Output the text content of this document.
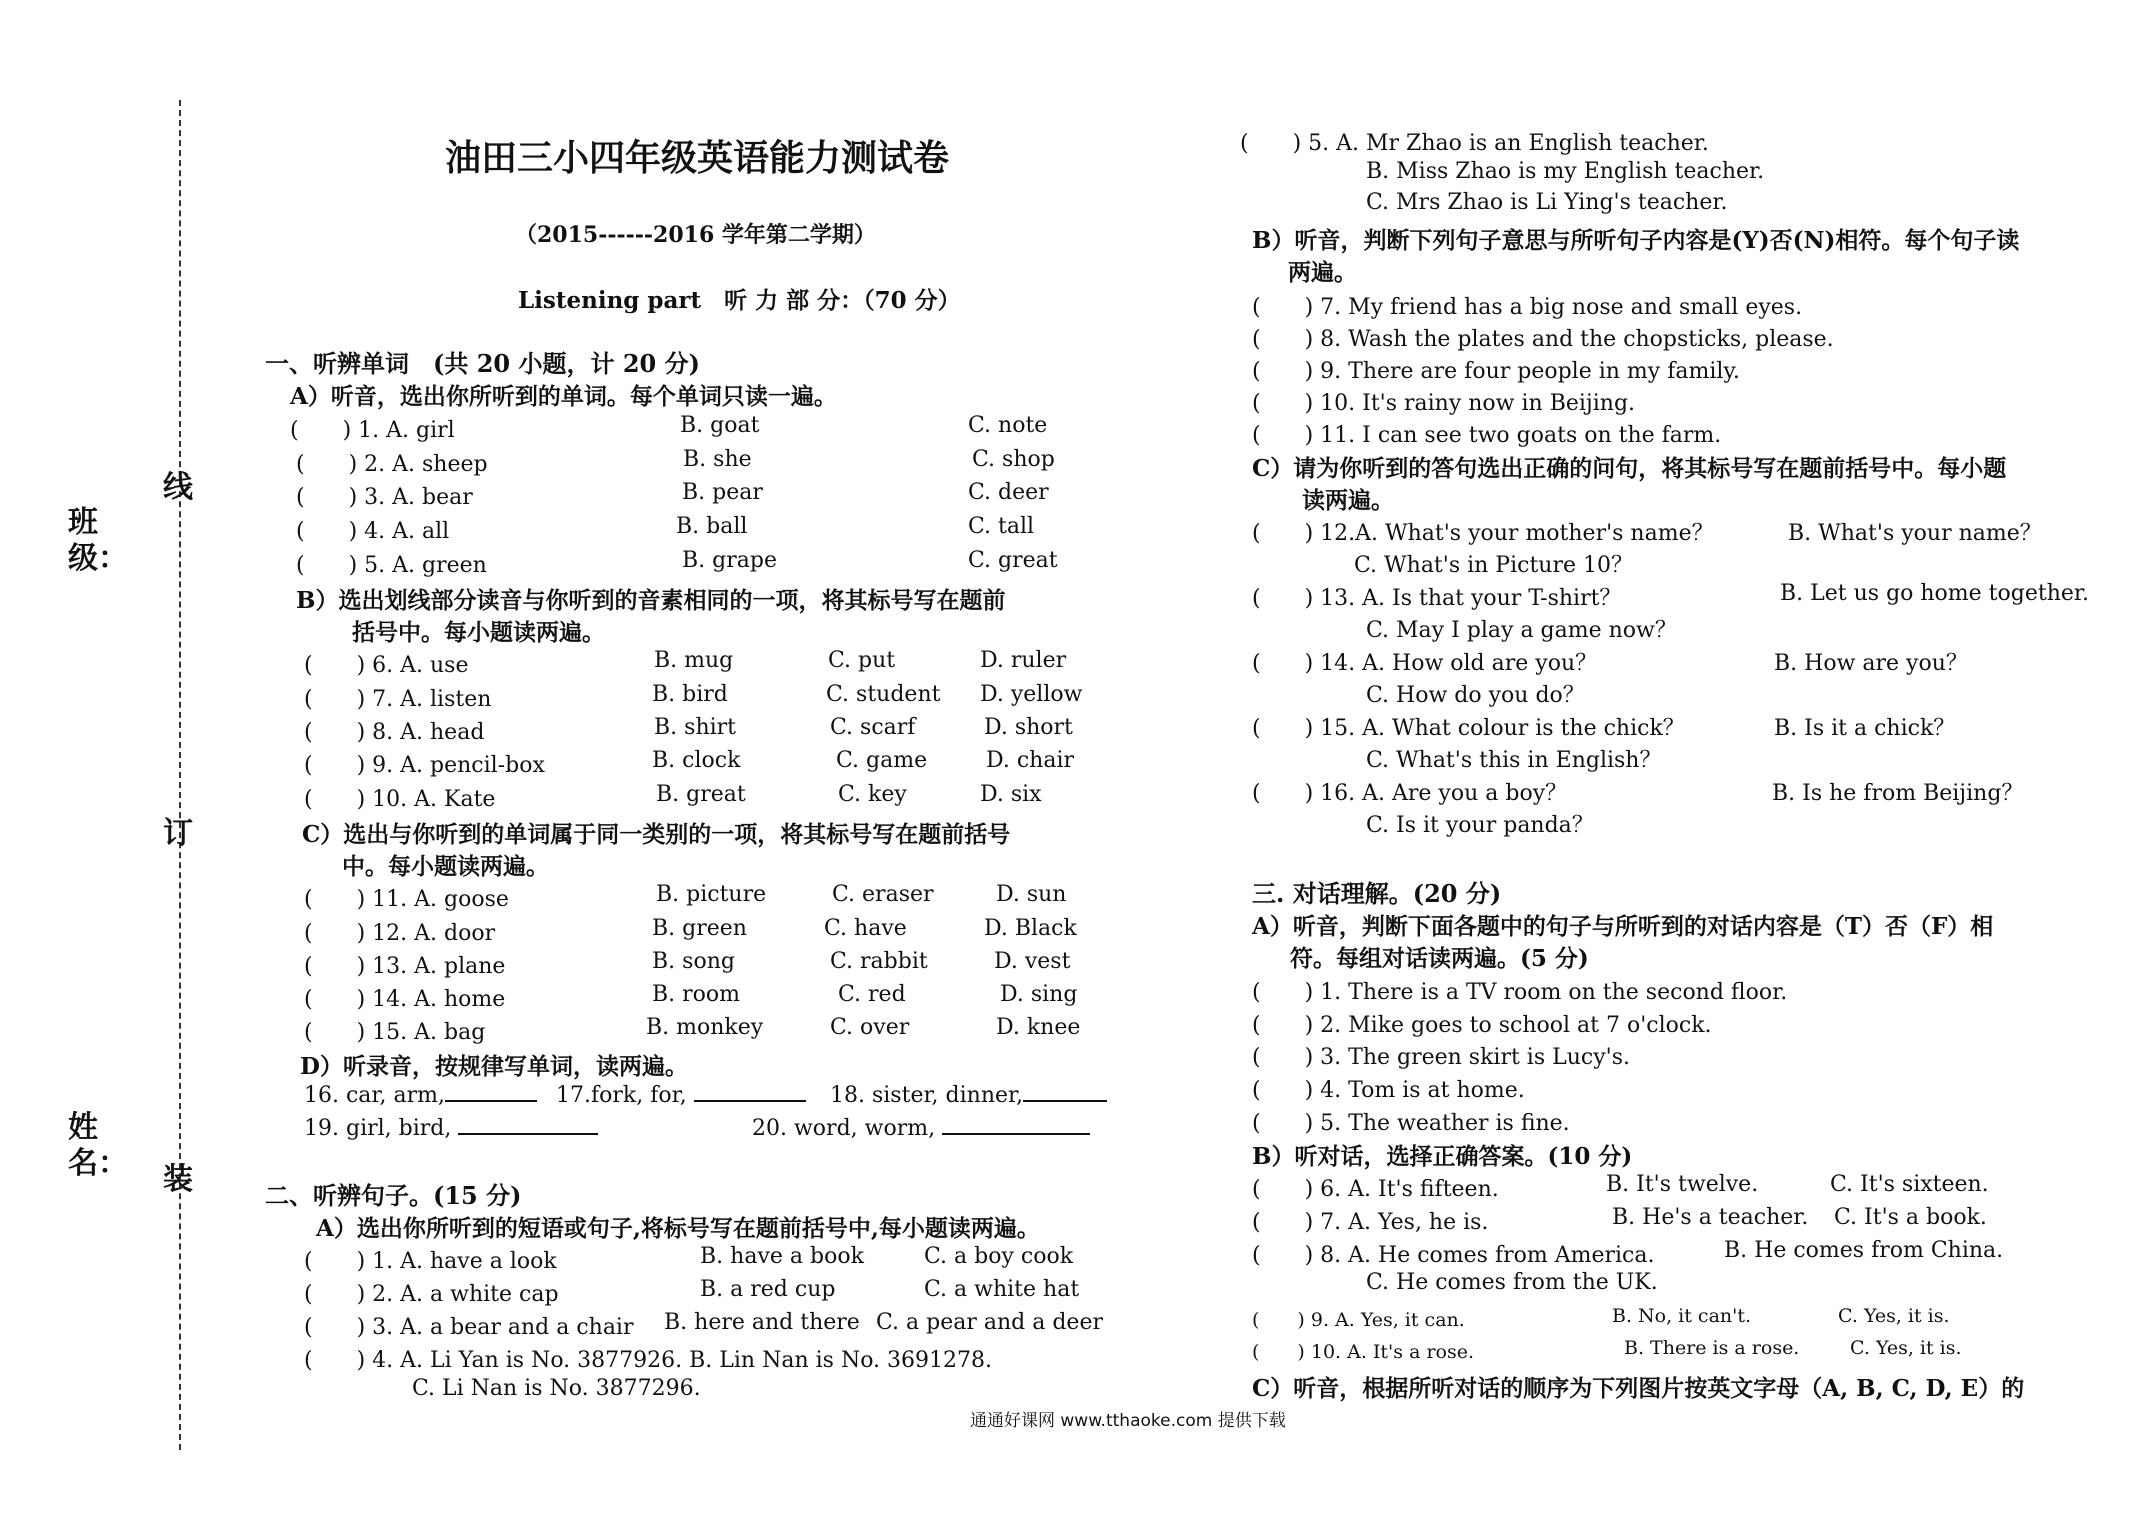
线
订
装
班级：
姓名：
油田三小四年级英语能力测试卷
（2015------2016 学年第二学期）
Listening part　听 力 部 分：（70 分）
一、听辨单词　(共 20 小题，计 20 分)
A）听音，选出你所听到的单词。每个单词只读一遍。
(　　) 1. A. girl	B. goat	C. note
(　　) 2. A. sheep	B. she	C. shop
(　　) 3. A. bear	B. pear	C. deer
(　　) 4. A. all	B. ball	C. tall
(　　) 5. A. green	B. grape	C. great
B）选出划线部分读音与你听到的音素相同的一项，将其标号写在题前
括号中。每小题读两遍。
(　　) 6. A. use	B. mug	C. put	D. ruler
(　　) 7. A. listen	B. bird	C. student D. yellow
(　　) 8. A. head	B. shirt	C. scarf	D. short
(　　) 9. A. pencil-box	B. clock	C. game	D. chair
(　　) 10. A. Kate	B. great	C. key	D. six
C）选出与你听到的单词属于同一类别的一项，将其标号写在题前括号
中。每小题读两遍。
(　　) 11. A. goose	B. picture	C. eraser	D. sun
(　　) 12. A. door	B. green	C. have	D. Black
(　　) 13. A. plane	B. song	C. rabbit	D. vest
(　　) 14. A. home	B. room	C. red	D. sing
(　　) 15. A. bag	B. monkey	C. over	D. knee
D）听录音，按规律写单词，读两遍。
16. car, arm,	17.fork, for,	18. sister, dinner,
19. girl, bird,	20. word, worm,
二、听辨句子。(15 分)
A）选出你所听到的短语或句子,将标号写在题前括号中,每小题读两遍。
(　　) 1. A. have a look	B. have a book	C. a boy cook
(　　) 2. A. a white cap	B. a red cup	C. a white hat
(　　) 3. A. a bear and a chair B. here and there C. a pear and a deer
(　　) 4. A. Li Yan is No. 3877926. B. Lin Nan is No. 3691278.
C. Li Nan is No. 3877296.
(　　) 5. A. Mr Zhao is an English teacher.
B. Miss Zhao is my English teacher.
C. Mrs Zhao is Li Ying's teacher.
B）听音，判断下列句子意思与所听句子内容是(Y)否(N)相符。每个句子读
两遍。
(　　) 7. My friend has a big nose and small eyes.
(　　) 8. Wash the plates and the chopsticks, please.
(　　) 9. There are four people in my family.
(　　) 10. It's rainy now in Beijing.
(　　) 11. I can see two goats on the farm.
C）请为你听到的答句选出正确的问句，将其标号写在题前括号中。每小题
读两遍。
(　　) 12.A. What's your mother's name？	B. What's your name？
C. What's in Picture 10？
(　　) 13. A. Is that your T-shirt？	B. Let us go home together.
C. May I play a game now？
(　　) 14. A. How old are you？	B. How are you？
C. How do you do？
(　　) 15. A. What colour is the chick？	B. Is it a chick？
C. What's this in English？
(　　) 16. A. Are you a boy？	B. Is he from Beijing？
C. Is it your panda？
三. 对话理解。(20 分)
A）听音，判断下面各题中的句子与所听到的对话内容是（T）否（F）相
符。每组对话读两遍。(5 分)
(　　) 1. There is a TV room on the second floor.
(　　) 2. Mike goes to school at 7 o'clock.
(　　) 3. The green skirt is Lucy's.
(　　) 4. Tom is at home.
(　　) 5. The weather is fine.
B）听对话，选择正确答案。(10 分)
(　　) 6. A. It's fifteen.	B. It's twelve.	C. It's sixteen.
(　　) 7. A. Yes, he is.	B. He's a teacher. C. It's a book.
(　　) 8. A. He comes from America.	B. He comes from China.
C. He comes from the UK.
(　　) 9. A. Yes, it can.	B. No, it can't.	C. Yes, it is.
(　　) 10. A. It's a rose.	B. There is a rose.	C. Yes, it is.
C）听音，根据所听对话的顺序为下列图片按英文字母（A, B, C, D, E）的
通通好课网 www.tthaoke.com 提供下载
